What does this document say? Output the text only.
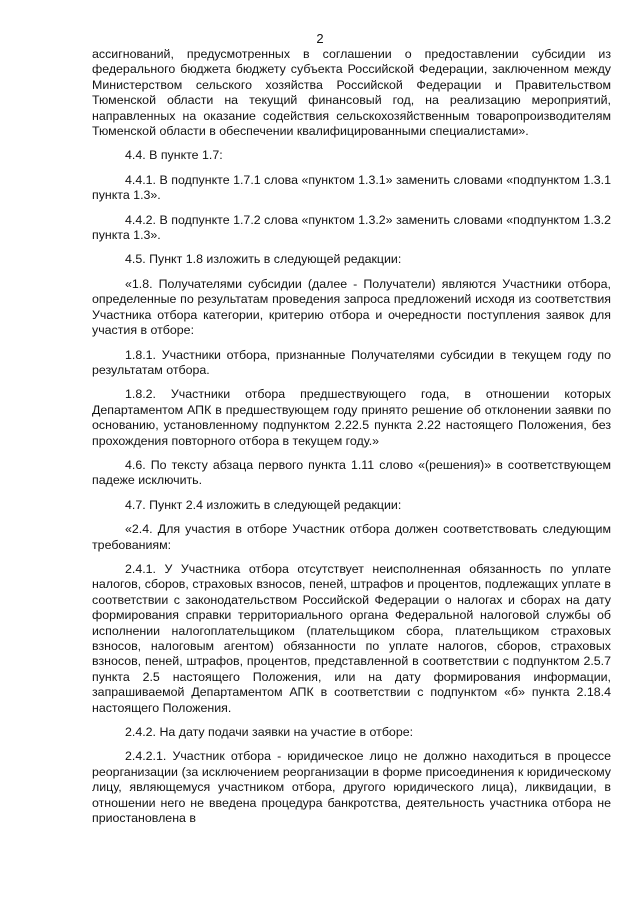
2

ассигнований, предусмотренных в соглашении о предоставлении субсидии из федерального бюджета бюджету субъекта Российской Федерации, заключенном между Министерством сельского хозяйства Российской Федерации и Правительством Тюменской области на текущий финансовый год, на реализацию мероприятий, направленных на оказание содействия сельскохозяйственным товаропроизводителям Тюменской области в обеспечении квалифицированными специалистами».

4.4. В пункте 1.7:

4.4.1. В подпункте 1.7.1 слова «пунктом 1.3.1» заменить словами «подпунктом 1.3.1 пункта 1.3».

4.4.2. В подпункте 1.7.2 слова «пунктом 1.3.2» заменить словами «подпунктом 1.3.2 пункта 1.3».

4.5. Пункт 1.8 изложить в следующей редакции:

«1.8. Получателями субсидии (далее - Получатели) являются Участники отбора, определенные по результатам проведения запроса предложений исходя из соответствия Участника отбора категории, критерию отбора и очередности поступления заявок для участия в отборе:

1.8.1. Участники отбора, признанные Получателями субсидии в текущем году по результатам отбора.

1.8.2. Участники отбора предшествующего года, в отношении которых Департаментом АПК в предшествующем году принято решение об отклонении заявки по основанию, установленному подпунктом 2.22.5 пункта 2.22 настоящего Положения, без прохождения повторного отбора в текущем году.»

4.6. По тексту абзаца первого пункта 1.11 слово «(решения)» в соответствующем падеже исключить.

4.7. Пункт 2.4 изложить в следующей редакции:

«2.4. Для участия в отборе Участник отбора должен соответствовать следующим требованиям:

2.4.1. У Участника отбора отсутствует неисполненная обязанность по уплате налогов, сборов, страховых взносов, пеней, штрафов и процентов, подлежащих уплате в соответствии с законодательством Российской Федерации о налогах и сборах на дату формирования справки территориального органа Федеральной налоговой службы об исполнении налогоплательщиком (плательщиком сбора, плательщиком страховых взносов, налоговым агентом) обязанности по уплате налогов, сборов, страховых взносов, пеней, штрафов, процентов, представленной в соответствии с подпунктом 2.5.7 пункта 2.5 настоящего Положения, или на дату формирования информации, запрашиваемой Департаментом АПК в соответствии с подпунктом «б» пункта 2.18.4 настоящего Положения.

2.4.2. На дату подачи заявки на участие в отборе:

2.4.2.1. Участник отбора - юридическое лицо не должно находиться в процессе реорганизации (за исключением реорганизации в форме присоединения к юридическому лицу, являющемуся участником отбора, другого юридического лица), ликвидации, в отношении него не введена процедура банкротства, деятельность участника отбора не приостановлена в
